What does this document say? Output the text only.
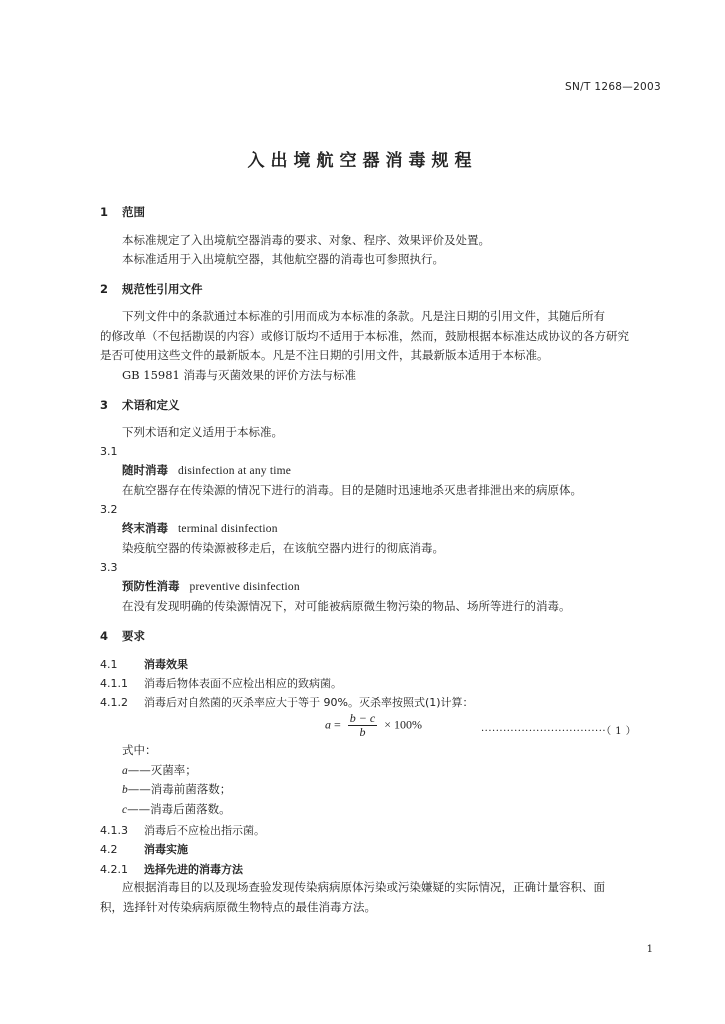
SN/T 1268—2003
入出境航空器消毒规程
1 范围
本标准规定了入出境航空器消毒的要求、对象、程序、效果评价及处置。
本标准适用于入出境航空器，其他航空器的消毒也可参照执行。
2 规范性引用文件
下列文件中的条款通过本标准的引用而成为本标准的条款。凡是注日期的引用文件，其随后所有
的修改单（不包括勘误的内容）或修订版均不适用于本标准，然而，鼓励根据本标准达成协议的各方研究
是否可使用这些文件的最新版本。凡是不注日期的引用文件，其最新版本适用于本标准。
GB 15981 消毒与灭菌效果的评价方法与标准
3 术语和定义
下列术语和定义适用于本标准。
3.1
随时消毒 disinfection at any time
在航空器存在传染源的情况下进行的消毒。目的是随时迅速地杀灭患者排泄出来的病原体。
3.2
终末消毒 terminal disinfection
染疫航空器的传染源被移走后，在该航空器内进行的彻底消毒。
3.3
预防性消毒 preventive disinfection
在没有发现明确的传染源情况下，对可能被病原微生物污染的物品、场所等进行的消毒。
4 要求
4.1 消毒效果
4.1.1 消毒后物体表面不应检出相应的致病菌。
4.1.2 消毒后对自然菌的灭杀率应大于等于 90%。灭杀率按照式(1)计算：
$a = \frac{b - c}{b} \times 100\%$
··································（ 1 ）
式中：
a——灭菌率；
b——消毒前菌落数；
c——消毒后菌落数。
4.1.3 消毒后不应检出指示菌。
4.2 消毒实施
4.2.1 选择先进的消毒方法
应根据消毒目的以及现场查验发现传染病病原体污染或污染嫌疑的实际情况，正确计量容积、面
积，选择针对传染病病原微生物特点的最佳消毒方法。
1
